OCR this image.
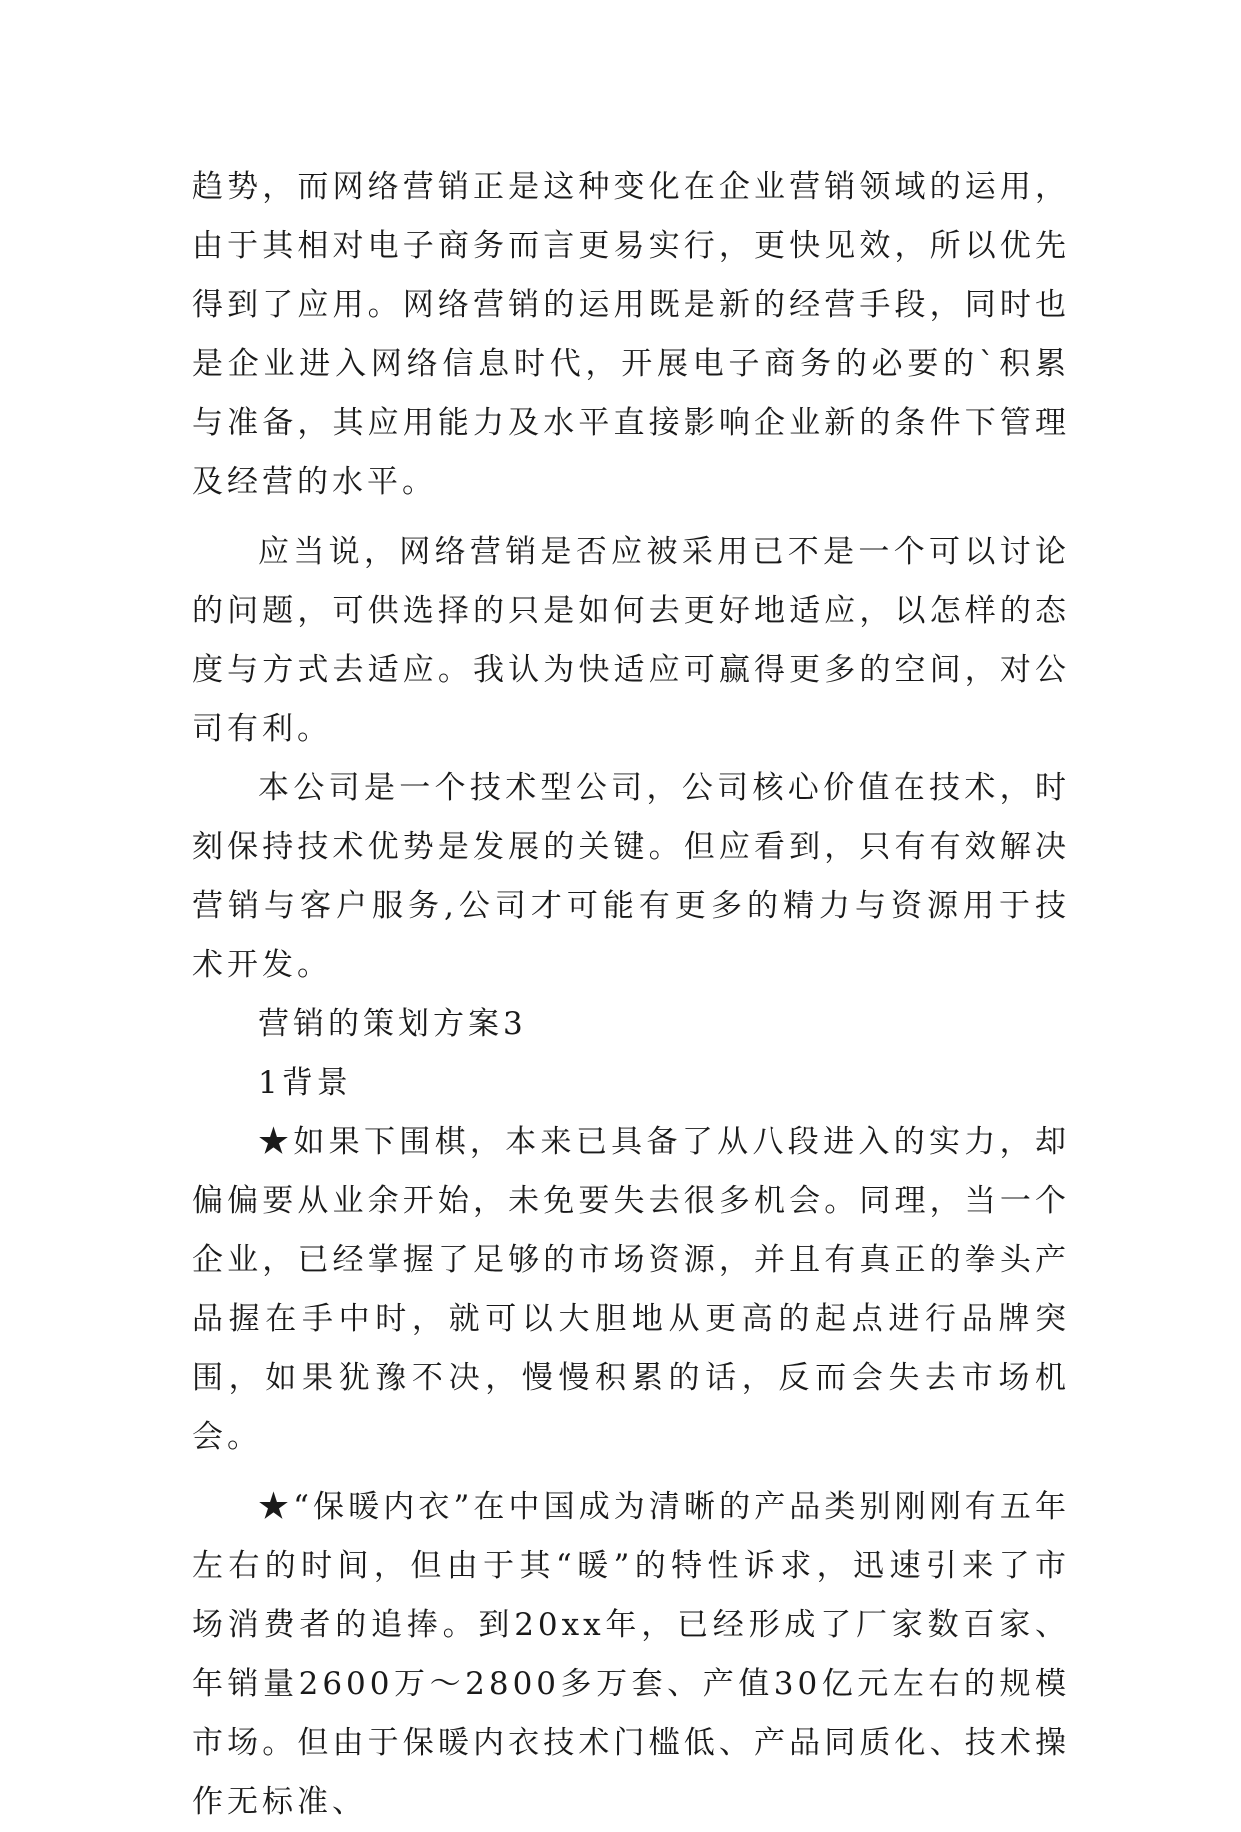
趋势，而网络营销正是这种变化在企业营销领域的运用，由于其相对电子商务而言更易实行，更快见效，所以优先得到了应用。网络营销的运用既是新的经营手段，同时也是企业进入网络信息时代，开展电子商务的必要的`积累与准备，其应用能力及水平直接影响企业新的条件下管理及经营的水平。

应当说，网络营销是否应被采用已不是一个可以讨论的问题，可供选择的只是如何去更好地适应，以怎样的态度与方式去适应。我认为快适应可赢得更多的空间，对公司有利。

本公司是一个技术型公司，公司核心价值在技术，时刻保持技术优势是发展的关键。但应看到，只有有效解决营销与客户服务,公司才可能有更多的精力与资源用于技术开发。

营销的策划方案3

1背景

★如果下围棋，本来已具备了从八段进入的实力，却偏偏要从业余开始，未免要失去很多机会。同理，当一个企业，已经掌握了足够的市场资源，并且有真正的拳头产品握在手中时，就可以大胆地从更高的起点进行品牌突围，如果犹豫不决，慢慢积累的话，反而会失去市场机会。

★“保暖内衣”在中国成为清晰的产品类别刚刚有五年左右的时间，但由于其“暖”的特性诉求，迅速引来了市场消费者的追捧。到20xx年，已经形成了厂家数百家、年销量2600万～2800多万套、产值30亿元左右的规模市场。但由于保暖内衣技术门槛低、产品同质化、技术操作无标准、
